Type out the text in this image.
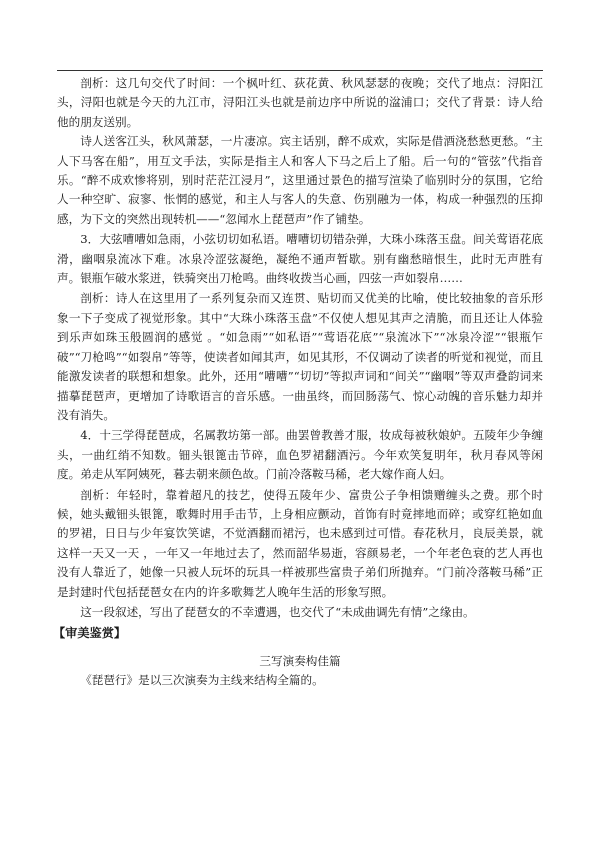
剖析：这几句交代了时间：一个枫叶红、荻花黄、秋风瑟瑟的夜晚；交代了地点：浔阳江头，浔阳也就是今天的九江市，浔阳江头也就是前边序中所说的湓浦口；交代了背景：诗人给他的朋友送别。

诗人送客江头，秋风萧瑟，一片凄凉。宾主话别，醉不成欢，实际是借酒浇愁愁更愁。“主人下马客在船”，用互文手法，实际是指主人和客人下马之后上了船。后一句的“管弦”代指音乐。“醉不成欢惨将别，别时茫茫江浸月”，这里通过景色的描写渲染了临别时分的氛围，它给人一种空旷、寂寥、怅惘的感觉，和主人与客人的失意、伤别融为一体，构成一种强烈的压抑感，为下文的突然出现转机——“忽闻水上琵琶声”作了铺垫。

3．大弦嘈嘈如急雨，小弦切切如私语。嘈嘈切切错杂弹，大珠小珠落玉盘。间关莺语花底滑，幽咽泉流冰下难。冰泉冷涩弦凝绝，凝绝不通声暂歇。别有幽愁暗恨生，此时无声胜有声。银瓶乍破水浆迸，铁骑突出刀枪鸣。曲终收拨当心画，四弦一声如裂帛……

剖析：诗人在这里用了一系列复杂而又连贯、贴切而又优美的比喻，使比较抽象的音乐形象一下子变成了视觉形象。其中“大珠小珠落玉盘”不仅使人想见其声之清脆，而且还让人体验到乐声如珠玉般圆润的感觉 。“如急雨”“如私语”“莺语花底”“泉流冰下”“冰泉冷涩”“银瓶乍破”“刀枪鸣”“如裂帛”等等，使读者如闻其声，如见其形，不仅调动了读者的听觉和视觉，而且能激发读者的联想和想象。此外，还用“嘈嘈”“切切”等拟声词和“间关”“幽咽”等双声叠韵词来描摹琵琶声，更增加了诗歌语言的音乐感。一曲虽终，而回肠荡气、惊心动魄的音乐魅力却并没有消失。

4．十三学得琵琶成，名属教坊第一部。曲罢曾教善才服，妆成每被秋娘妒。五陵年少争缠头，一曲红绡不知数。钿头银篦击节碎，血色罗裙翻酒污。今年欢笑复明年，秋月春风等闲度。弟走从军阿姨死，暮去朝来颜色故。门前冷落鞍马稀，老大嫁作商人妇。

剖析：年轻时，靠着超凡的技艺，使得五陵年少、富贵公子争相馈赠缠头之费。那个时候，她头戴钿头银篦，歌舞时用手击节，上身相应颤动，首饰有时竟摔地而碎；或穿红艳如血的罗裙，日日与少年宴饮笑谑，不觉酒翻而裙污，也未感到过可惜。春花秋月，良辰美景，就这样一天又一天 ，一年又一年地过去了，然而韶华易逝，容颜易老，一个年老色衰的艺人再也没有人靠近了，她像一只被人玩坏的玩具一样被那些富贵子弟们所抛弃。“门前冷落鞍马稀”正是封建时代包括琵琶女在内的许多歌舞艺人晚年生活的形象写照。

这一段叙述，写出了琵琶女的不幸遭遇，也交代了“未成曲调先有情”之缘由。

【审美鉴赏】
三写演奏构佳篇

《琵琶行》是以三次演奏为主线来结构全篇的。
